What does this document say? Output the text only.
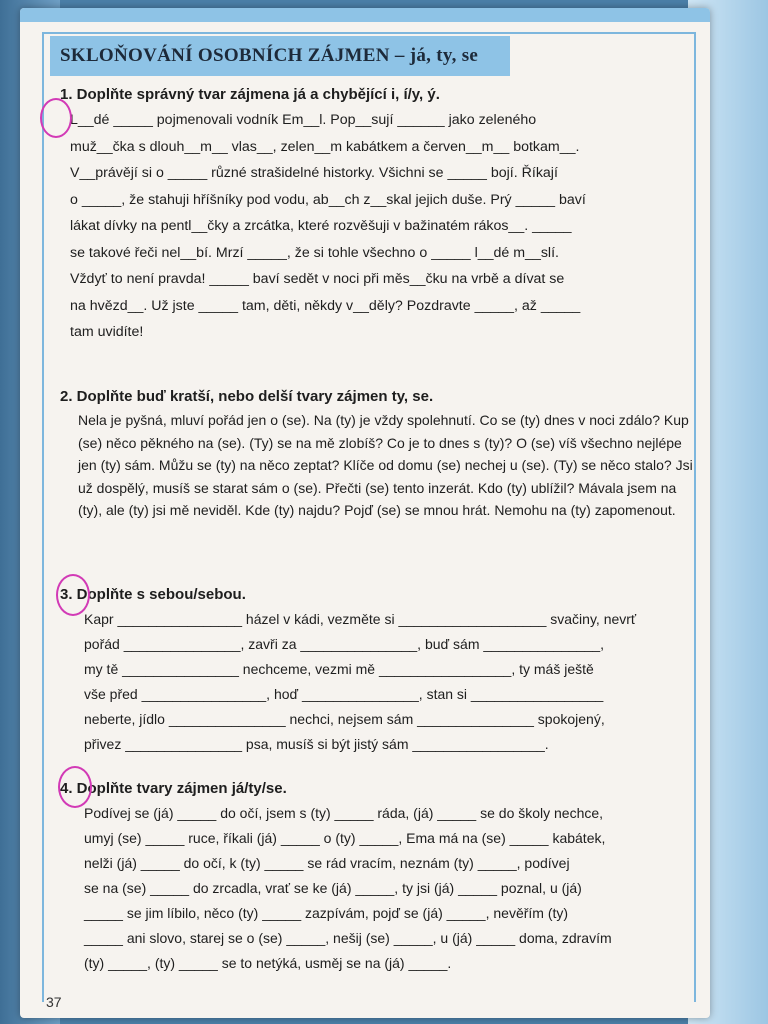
SKLOŇOVÁNÍ OSOBNÍCH ZÁJMEN – já, ty, se
1. Doplňte správný tvar zájmena já a chybějící i, í/y, ý.
L__dé _____ pojmenovali vodník Em__l. Pop__sují ______ jako zeleného
muž__čka s dlouh__m__ vlas__, zelen__m kabátkem a červen__m__ botkam__.
V__právějí si o _____ různé strašidelné historky. Všichni se _____ bojí. Říkají
o _____, že stahuji hříšníky pod vodu, ab__ch z__skal jejich duše. Prý _____ baví
lákat dívky na pentl__čky a zrcátka, které rozvěšuji v bažinatém rákos__. _____
se takové řeči nel__bí. Mrzí _____, že si tohle všechno o _____ l__dé m__slí.
Vždyť to není pravda! _____ baví sedět v noci při měs__čku na vrbě a dívat se
na hvězd__. Už jste _____ tam, děti, někdy v__děly? Pozdravte _____, až _____
tam uvidíte!
2. Doplňte buď kratší, nebo delší tvary zájmen ty, se.

Nela je pyšná, mluví pořád jen o (se). Na (ty) je vždy spolehnutí. Co se (ty) dnes v noci zdálo? Kup (se) něco pěkného na (se). (Ty) se na mě zlobíš? Co je to dnes s (ty)? O (se) víš všechno nejlépe jen (ty) sám. Můžu se (ty) na něco zeptat? Klíče od domu (se) nechej u (se). (Ty) se něco stalo? Jsi už dospělý, musíš se starat sám o (se). Přečti (se) tento inzerát. Kdo (ty) ublížil? Mávala jsem na (ty), ale (ty) jsi mě neviděl. Kde (ty) najdu? Pojď (se) se mnou hrát. Nemohu na (ty) zapomenout.

3. Doplňte s sebou/sebou.
Kapr ________________ házel v kádi, vezměte si ___________________ svačiny, nevrť
pořád _______________, zavři za _______________, buď sám _______________,
my tě _______________ nechceme, vezmi mě _________________, ty máš ještě
vše před ________________, hoď _______________, stan si _________________
neberte, jídlo _______________ nechci, nejsem sám _______________ spokojený,
přivez _______________ psa, musíš si být jistý sám _________________.
4. Doplňte tvary zájmen já/ty/se.
Podívej se (já) _____ do očí, jsem s (ty) _____ ráda, (já) _____ se do školy nechce,
umyj (se) _____ ruce, říkali (já) _____ o (ty) _____, Ema má na (se) _____ kabátek,
nelži (já) _____ do očí, k (ty) _____ se rád vracím, neznám (ty) _____, podívej
se na (se) _____ do zrcadla, vrať se ke (já) _____, ty jsi (já) _____ poznal, u (já)
_____ se jim líbilo, něco (ty) _____ zazpívám, pojď se (já) _____, nevěřím (ty)
_____ ani slovo, starej se o (se) _____, nešij (se) _____, u (já) _____ doma, zdravím
(ty) _____, (ty) _____ se to netýká, usměj se na (já) _____.
37
